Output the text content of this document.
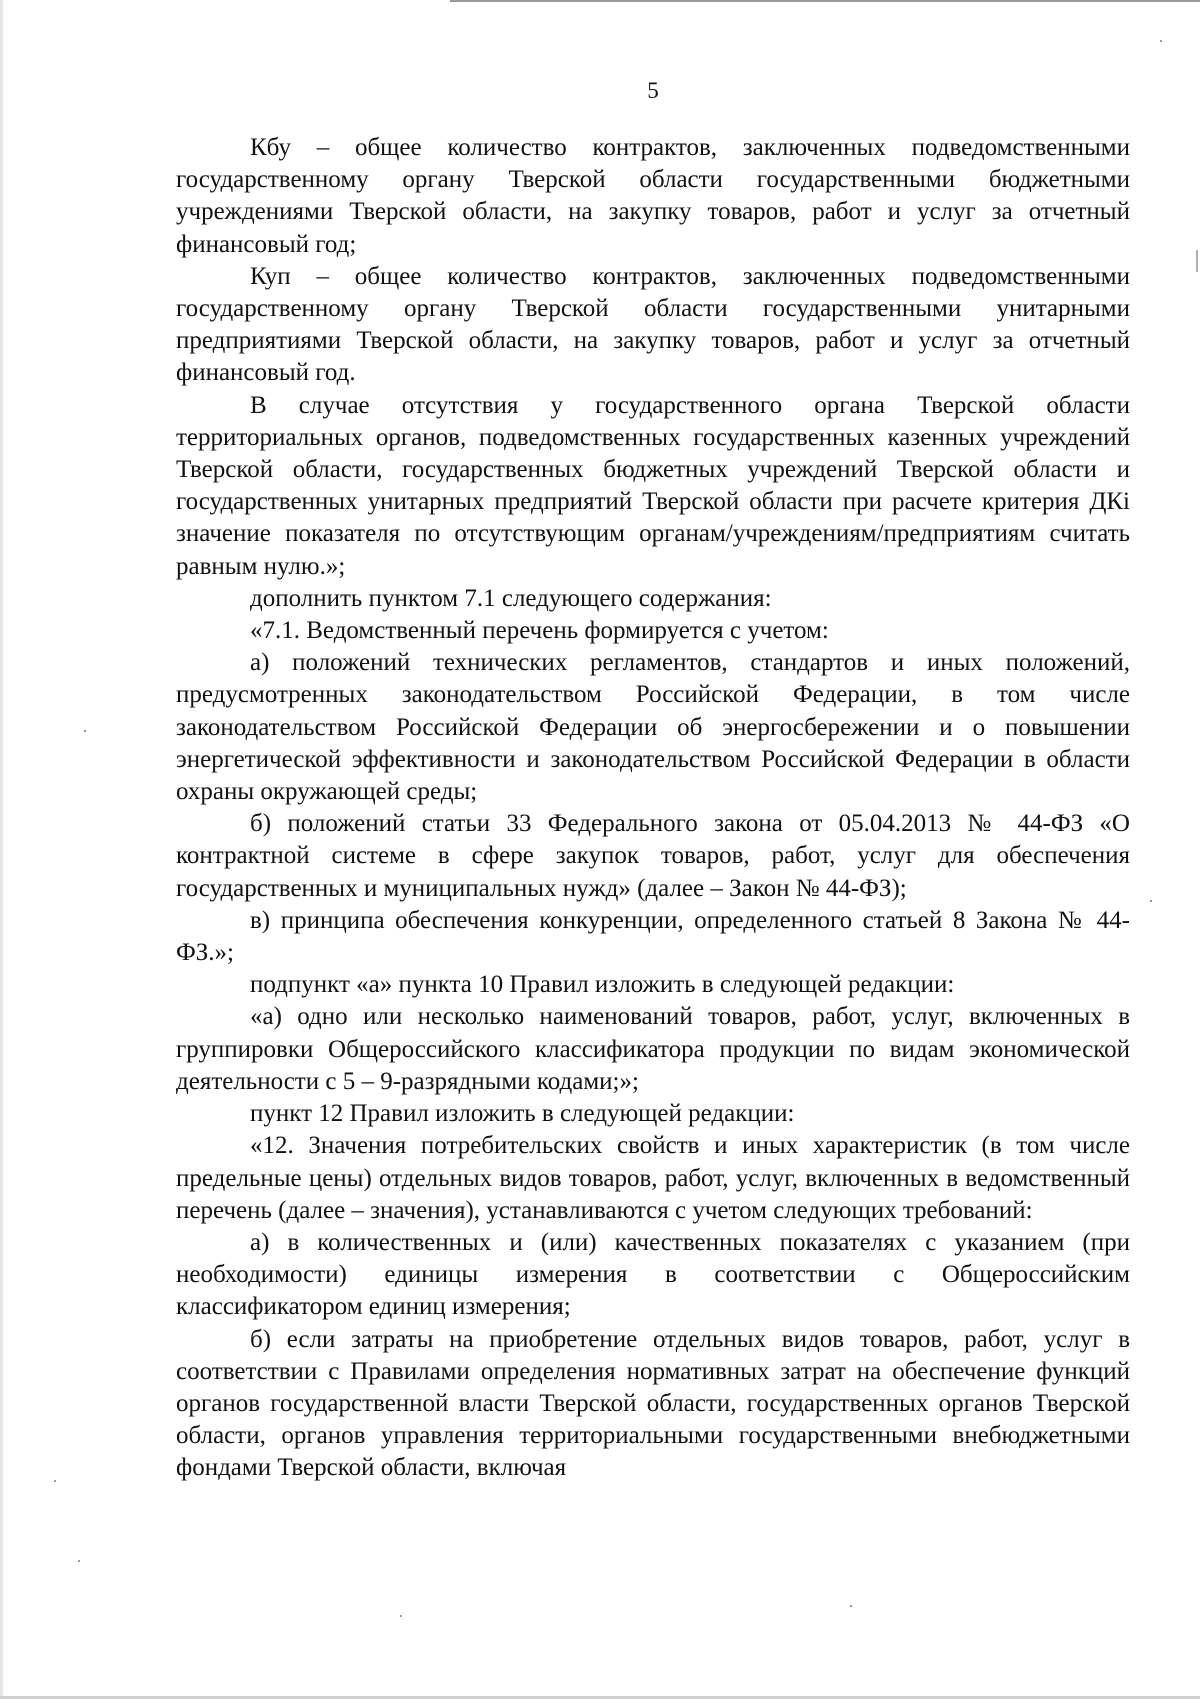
5

Кбу – общее количество контрактов, заключенных подведомственными государственному органу Тверской области государственными бюджетными учреждениями Тверской области, на закупку товаров, работ и услуг за отчетный финансовый год;

Куп – общее количество контрактов, заключенных подведомственными государственному органу Тверской области государственными унитарными предприятиями Тверской области, на закупку товаров, работ и услуг за отчетный финансовый год.

В случае отсутствия у государственного органа Тверской области территориальных органов, подведомственных государственных казенных учреждений Тверской области, государственных бюджетных учреждений Тверской области и государственных унитарных предприятий Тверской области при расчете критерия ДКі значение показателя по отсутствующим органам/учреждениям/предприятиям считать равным нулю.»;

дополнить пунктом 7.1 следующего содержания:

«7.1. Ведомственный перечень формируется с учетом:

а) положений технических регламентов, стандартов и иных положений, предусмотренных законодательством Российской Федерации, в том числе законодательством Российской Федерации об энергосбережении и о повышении энергетической эффективности и законодательством Российской Федерации в области охраны окружающей среды;

б) положений статьи 33 Федерального закона от 05.04.2013 № 44-ФЗ «О контрактной системе в сфере закупок товаров, работ, услуг для обеспечения государственных и муниципальных нужд» (далее – Закон № 44-ФЗ);

в) принципа обеспечения конкуренции, определенного статьей 8 Закона № 44-ФЗ.»;

подпункт «а» пункта 10 Правил изложить в следующей редакции:

«а) одно или несколько наименований товаров, работ, услуг, включенных в группировки Общероссийского классификатора продукции по видам экономической деятельности с 5 – 9-разрядными кодами;»;

пункт 12 Правил изложить в следующей редакции:

«12. Значения потребительских свойств и иных характеристик (в том числе предельные цены) отдельных видов товаров, работ, услуг, включенных в ведомственный перечень (далее – значения), устанавливаются с учетом следующих требований:

а) в количественных и (или) качественных показателях с указанием (при необходимости) единицы измерения в соответствии с Общероссийским классификатором единиц измерения;

б) если затраты на приобретение отдельных видов товаров, работ, услуг в соответствии с Правилами определения нормативных затрат на обеспечение функций органов государственной власти Тверской области, государственных органов Тверской области, органов управления территориальными государственными внебюджетными фондами Тверской области, включая
